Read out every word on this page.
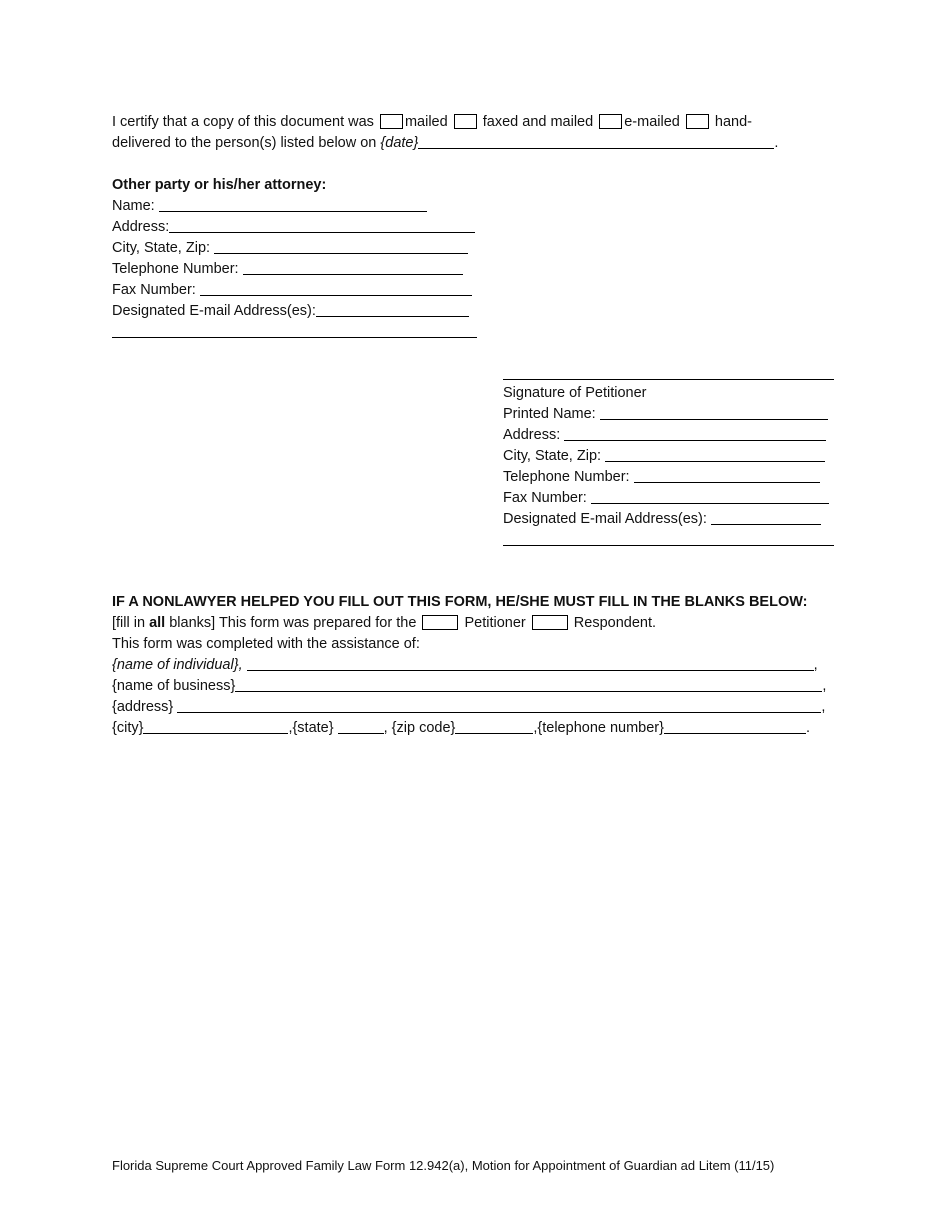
I certify that a copy of this document was mailed faxed and mailed e-mailed hand-
delivered to the person(s) listed below on {date}	.
Other party or his/her attorney:
Name:
Address:
City, State, Zip:
Telephone Number:
Fax Number:
Designated E-mail Address(es):
Signature of Petitioner
Printed Name:
Address:
City, State, Zip:
Telephone Number:
Fax Number:
Designated E-mail Address(es):
IF A NONLAWYER HELPED YOU FILL OUT THIS FORM, HE/SHE MUST FILL IN THE BLANKS BELOW:
[fill in all blanks] This form was prepared for the	Petitioner	Respondent.
This form was completed with the assistance of:
{name of individual},	,
{name of business}	,
{address}	,
{city}	,{state}	, {zip code}	,{telephone number}	.
Florida Supreme Court Approved Family Law Form 12.942(a), Motion for Appointment of Guardian ad Litem (11/15)
